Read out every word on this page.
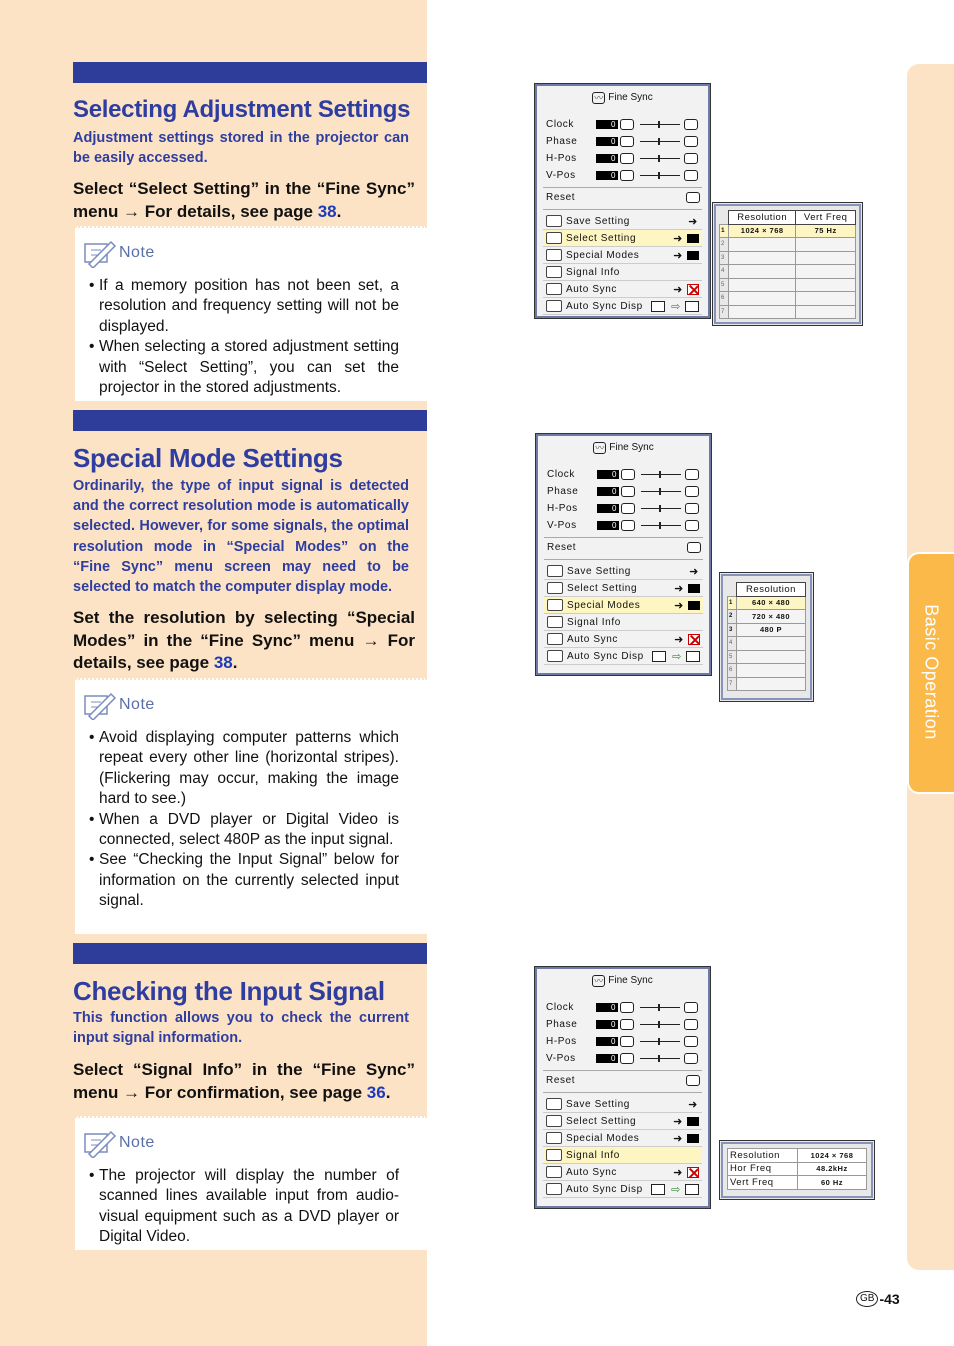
Selecting Adjustment Settings
Adjustment settings stored in the projector can be easily accessed.
Select “Select Setting” in the “Fine Sync” menu → For details, see page 38.
Note
• If a memory position has not been set, a resolution and frequency setting will not be displayed.
• When selecting a stored adjustment setting with “Select Setting”, you can set the projector in the stored adjustments.
Special Mode Settings
Ordinarily, the type of input signal is detected and the correct resolution mode is automatically selected. However, for some signals, the optimal resolution mode in “Special Modes” on the “Fine Sync” menu screen may need to be selected to match the computer display mode.
Set the resolution by selecting “Special Modes” in the “Fine Sync” menu → For details, see page 38.
Note
• Avoid displaying computer patterns which repeat every other line (horizontal stripes). (Flickering may occur, making the image hard to see.)
• When a DVD player or Digital Video is connected, select 480P as the input signal.
• See “Checking the Input Signal” below for information on the currently selected input signal.
Checking the Input Signal
This function allows you to check the current input signal information.
Select “Signal Info” in the “Fine Sync” menu → For confirmation, see page 36.
Note
• The projector will display the number of scanned lines available input from audio-visual equipment such as a DVD player or Digital Video.
〰 Fine Sync
Clock	0
Phase	0
H-Pos	0
V-Pos	0
Reset
Save Setting	➜
Select Setting	➜
Special Modes	➜
Signal Info
Auto Sync	➜
Auto Sync Disp	⇨
〰 Fine Sync
Clock	0
Phase	0
H-Pos	0
V-Pos	0
Reset
Save Setting	➜
Select Setting	➜
Special Modes	➜
Signal Info
Auto Sync	➜
Auto Sync Disp	⇨
〰 Fine Sync
Clock	0
Phase	0
H-Pos	0
V-Pos	0
Reset
Save Setting	➜
Select Setting	➜
Special Modes	➜
Signal Info
Auto Sync	➜
Auto Sync Disp	⇨
	Resolution	Vert Freq
1	1024 × 768	75 Hz
2		
3		
4		
5		
6		
7		
	Resolution
1	640 × 480
2	720 × 480
3	480 P
4	
5	
6	
7	
Resolution	1024 × 768
Hor Freq	48.2kHz
Vert Freq	60 Hz
Basic Operation
GB -43
